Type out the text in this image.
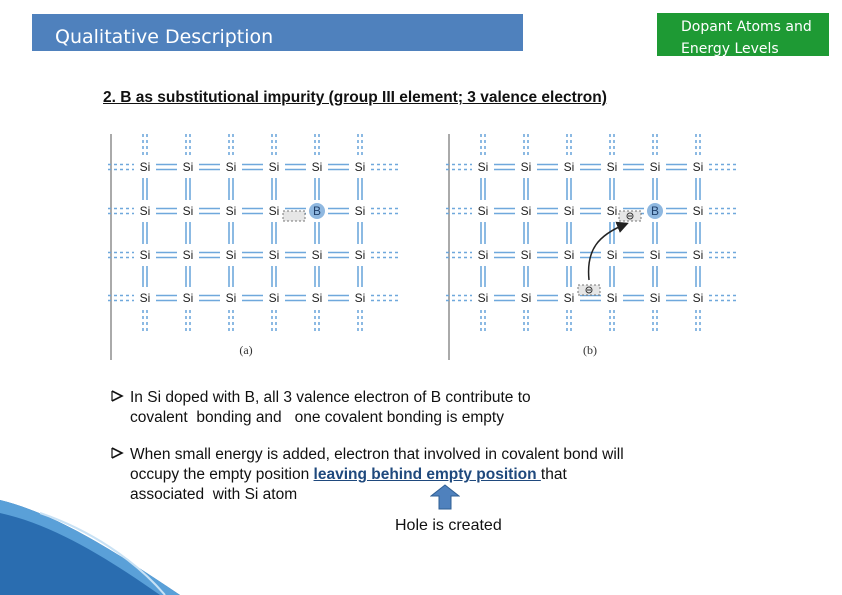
Qualitative Description	Dopant Atoms and
Energy Levels
2. B as substitutional impurity (group III element; 3 valence electron)
Si	Si	Si	Si	Si	Si
Si	Si	Si	Si	B	Si
Si	Si	Si	Si	Si	Si
Si	Si	Si	Si	Si	Si
Si	Si	Si	Si	Si	Si
Si	Si	Si	Si	B	Si
Si	Si	Si	Si	Si	Si
Si	Si	Si	Si	Si	Si
(a)	(b)
In Si doped with B, all 3 valence electron of B contribute to
covalent  bonding and   one covalent bonding is empty
When small energy is added, electron that involved in covalent bond will
occupy the empty position leaving behind empty position that
associated  with Si atom
Hole is created
